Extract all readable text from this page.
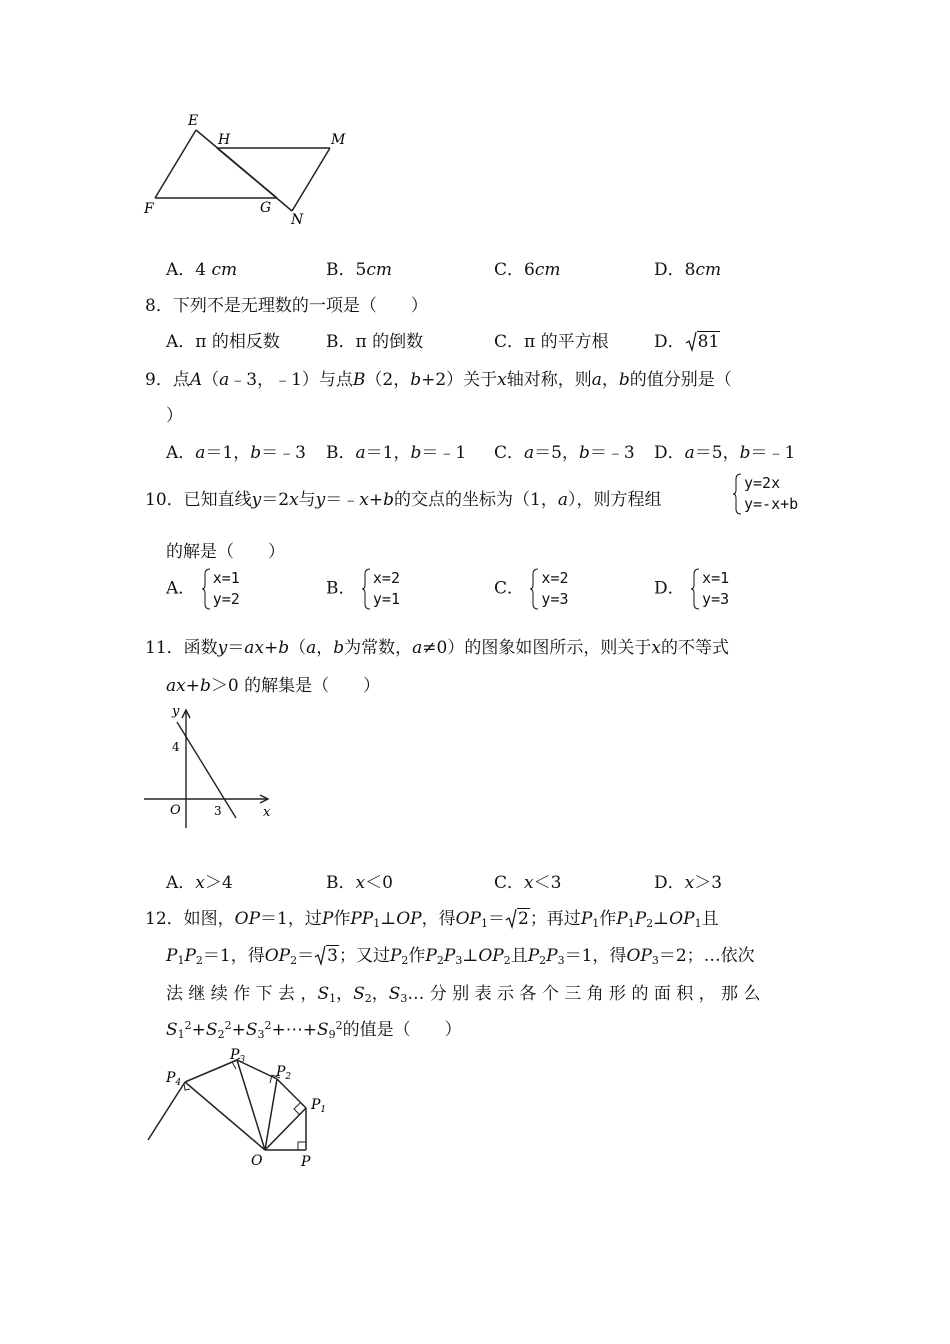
E
H	M
F	G
N
A．4 cm	B．5cm	C．6cm	D．8cm
8．下列不是无理数的一项是（　　）
A．π 的相反数	B．π 的倒数	C．π 的平方根	D． 81
9．点A（a﹣3，﹣1）与点B（2，b+2）关于x轴对称，则a，b的值分别是（
）
A．a＝1，b＝﹣3 B．a＝1，b＝﹣1 C．a＝5，b＝﹣3 D．a＝5，b＝﹣1
10．已知直线y＝2x与y＝﹣x+b的交点的坐标为（1，a），则方程组
y=2x
y=-x+b
的解是（　　）
A．
x=1
y=2
B．
x=2
y=1
C．
x=2
y=3
D．
x=1
y=3
11．函数y＝ax+b（a，b为常数，a≠0）的图象如图所示，则关于x的不等式
ax+b＞0 的解集是（　　）
y
x
O
4
3
A．x＞4	B．x＜0	C．x＜3	D．x＞3
12．如图，OP＝1，过P作$PP_1\perp OP$，得$OP_1= 2$；再过$P_1$作$P_1P_2\perp OP_1$且
$P_1P_2=1$，得$OP_2= 3$；又过$P_2$作$P_2P_3\perp OP_2$且$P_2P_3=1$，得$OP_3=2$；…依次
法 继 续 作 下 去 ，$S_1$，$S_2$，$S_3\dots$ 分 别 表 示 各 个 三 角 形 的 面 积 ， 那 么
$S_1^2+S_2^2+S_3^2+\cdots+S_9^2$的值是（　　）
$P_4$
$P_3$
$P_2$
$P_1$
O	P
